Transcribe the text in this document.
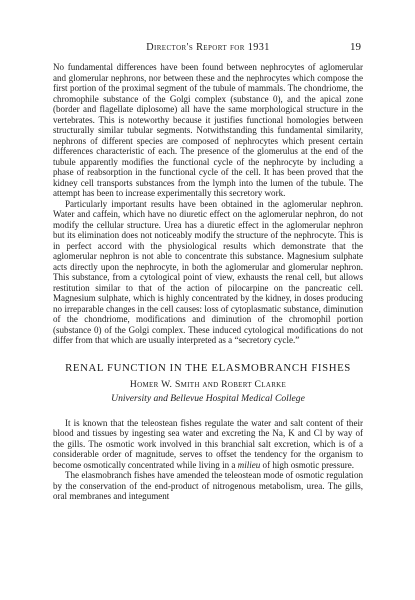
Director's Report for 1931	19

No fundamental differences have been found between nephrocytes of aglomerular and glomerular nephrons, nor between these and the nephrocytes which compose the first portion of the proximal segment of the tubule of mammals. The chondriome, the chromophile substance of the Golgi complex (substance 0), and the apical zone (border and flagellate diplosome) all have the same morphological structure in the vertebrates. This is noteworthy because it justifies functional homologies between structurally similar tubular segments. Notwithstanding this fundamental similarity, nephrons of different species are composed of nephrocytes which present certain differences characteristic of each. The presence of the glomerulus at the end of the tubule apparently modifies the functional cycle of the nephrocyte by including a phase of reabsorption in the functional cycle of the cell. It has been proved that the kidney cell transports substances from the lymph into the lumen of the tubule. The attempt has been to increase experimentally this secretory work.

Particularly important results have been obtained in the aglomerular nephron. Water and caffein, which have no diuretic effect on the aglomerular nephron, do not modify the cellular structure. Urea has a diuretic effect in the aglomerular nephron but its elimination does not noticeably modify the structure of the nephrocyte. This is in perfect accord with the physiological results which demonstrate that the aglomerular nephron is not able to concentrate this substance. Magnesium sulphate acts directly upon the nephrocyte, in both the aglomerular and glomerular nephron. This substance, from a cytological point of view, exhausts the renal cell, but allows restitution similar to that of the action of pilocarpine on the pancreatic cell. Magnesium sulphate, which is highly concentrated by the kidney, in doses producing no irreparable changes in the cell causes: loss of cytoplasmatic substance, diminution of the chondriome, modifications and diminution of the chromophil portion (substance 0) of the Golgi complex. These induced cytological modifications do not differ from that which are usually interpreted as a “secretory cycle.”

RENAL FUNCTION IN THE ELASMOBRANCH FISHES
Homer W. Smith and Robert Clarke
University and Bellevue Hospital Medical College

It is known that the teleostean fishes regulate the water and salt content of their blood and tissues by ingesting sea water and excreting the Na, K and Cl by way of the gills. The osmotic work involved in this branchial salt excretion, which is of a considerable order of magnitude, serves to offset the tendency for the organism to become osmotically concentrated while living in a milieu of high osmotic pressure.

The elasmobranch fishes have amended the teleostean mode of osmotic regulation by the conservation of the end-product of nitrogenous metabolism, urea. The gills, oral membranes and integument
